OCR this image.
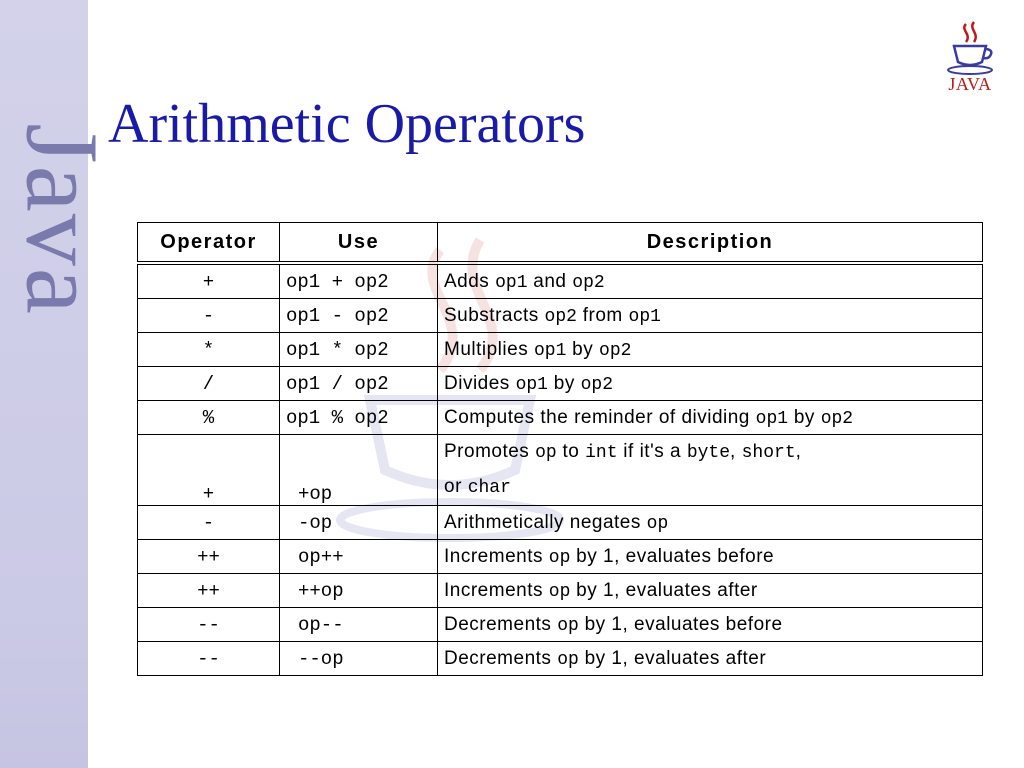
Java
Arithmetic Operators
JAVA
Operator	Use	Description
+	op1 + op2	Adds op1 and op2
-	op1 - op2	Substracts op2 from op1
*	op1 * op2	Multiplies op1 by op2
/	op1 / op2	Divides op1 by op2
%	op1 % op2	Computes the reminder of dividing op1 by op2
+	+op	Promotes op to int if it's a byte, short,
or char
-	-op	Arithmetically negates op
++	op++	Increments op by 1, evaluates before
++	++op	Increments op by 1, evaluates after
--	op--	Decrements op by 1, evaluates before
--	--op	Decrements op by 1, evaluates after
